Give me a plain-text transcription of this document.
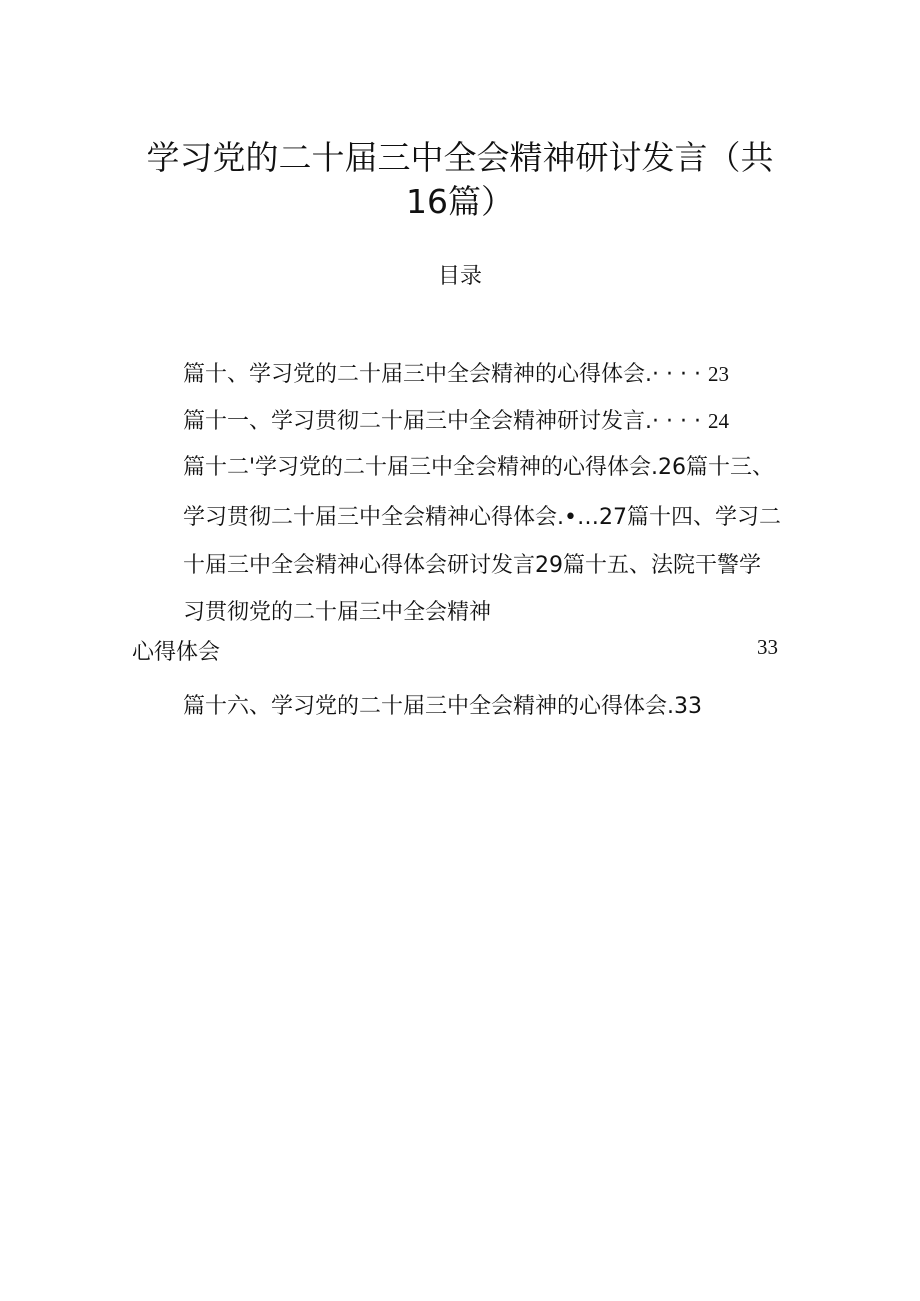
学习党的二十届三中全会精神研讨发言（共
16篇）
目录
篇十、学习党的二十届三中全会精神的心得体会.· · · · 23
篇十一、学习贯彻二十届三中全会精神研讨发言.· · · · 24
篇十二'学习党的二十届三中全会精神的心得体会.26篇十三、
学习贯彻二十届三中全会精神心得体会.•…27篇十四、学习二
十届三中全会精神心得体会研讨发言29篇十五、法院干警学
习贯彻党的二十届三中全会精神
心得体会	33
篇十六、学习党的二十届三中全会精神的心得体会.33
